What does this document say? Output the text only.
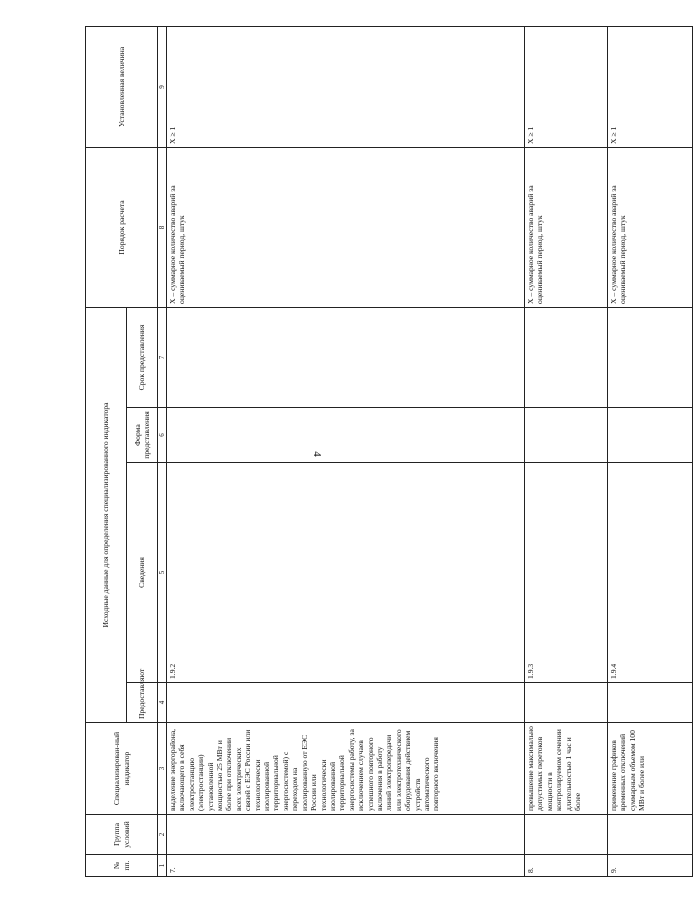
4
№ пп.	Группа условий	Специализирован-ный индикатор	Исходные данные для определения специализированного индикатора				Порядок расчета	Установленная величина
			Предоставляют	Сведения	Форма представления	Срок представления		
1	2	3	4	5	6	7	8	9
7.		выделение энергорайона, включающего в себя электростанцию (электростанции) установленной мощностью 25 МВт и более при отключении всех электрических связей с ЕЭС России или технологически изолированной территориальной энергосистемой) с переходом на изолированную от ЕЭС России или технологически изолированной территориальной энергосистемы работу, за исключением случаев успешного повторного включения в работу линий электропередачи или электротехнического оборудования действием устройств автоматического повторного включения		1.9.2			X – суммарное количество аварий за оцениваемый период, штук	X ≥ 1
8.		превышение максимально допустимых перетоков мощности в контролируемом сечении длительностью 1 час и более		1.9.3			X – суммарное количество аварий за оцениваемый период, штук	X ≥ 1
9.		применение графиков временных отключений суммарным объемом 100 МВт и более или		1.9.4			X – суммарное количество аварий за оцениваемый период, штук	X ≥ 1
